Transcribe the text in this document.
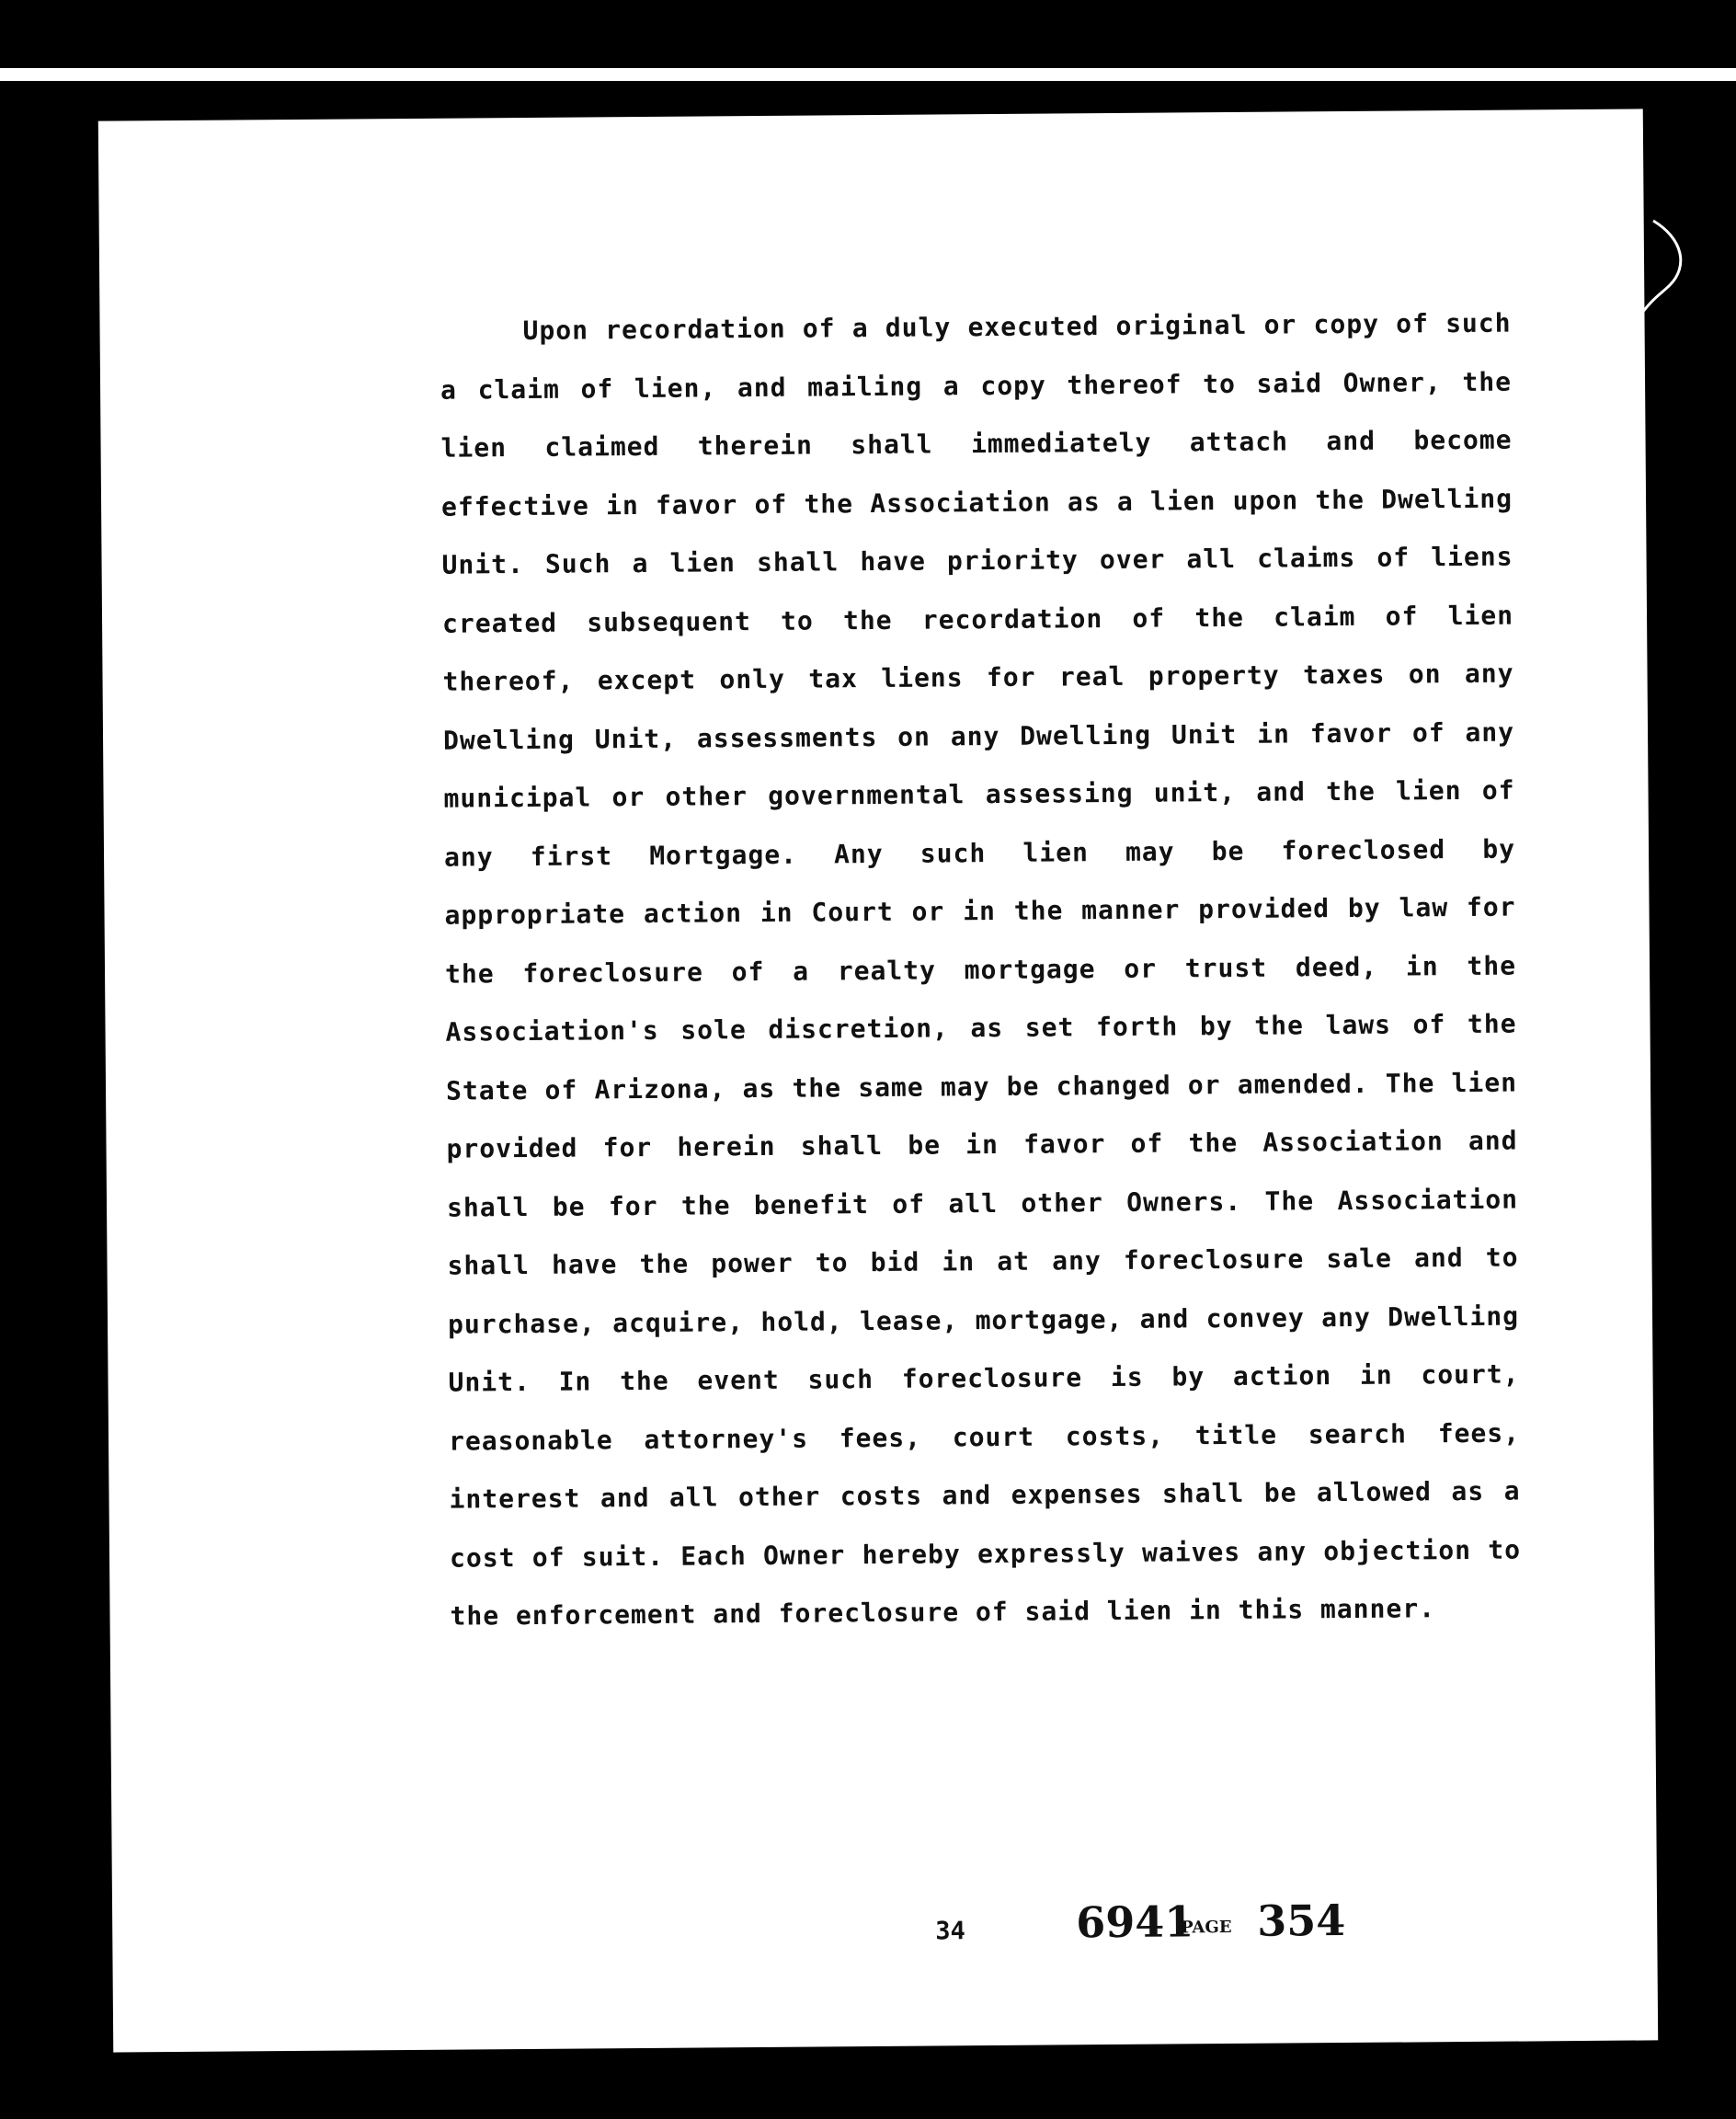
Upon recordation of a duly executed original or copy of such a claim of lien, and mailing a copy thereof to said Owner, the lien claimed therein shall immediately attach and become effective in favor of the Association as a lien upon the Dwelling Unit. Such a lien shall have priority over all claims of liens created subsequent to the recordation of the claim of lien thereof, except only tax liens for real property taxes on any Dwelling Unit, assessments on any Dwelling Unit in favor of any municipal or other governmental assessing unit, and the lien of any first Mortgage. Any such lien may be foreclosed by appropriate action in Court or in the manner provided by law for the foreclosure of a realty mortgage or trust deed, in the Association's sole discretion, as set forth by the laws of the State of Arizona, as the same may be changed or amended. The lien provided for herein shall be in favor of the Association and shall be for the benefit of all other Owners. The Association shall have the power to bid in at any foreclosure sale and to purchase, acquire, hold, lease, mortgage, and convey any Dwelling Unit. In the event such foreclosure is by action in court, reasonable attorney's fees, court costs, title search fees, interest and all other costs and expenses shall be allowed as a cost of suit. Each Owner hereby expressly waives any objection to the enforcement and foreclosure of said lien in this manner.

34	6941
PAGE 354
